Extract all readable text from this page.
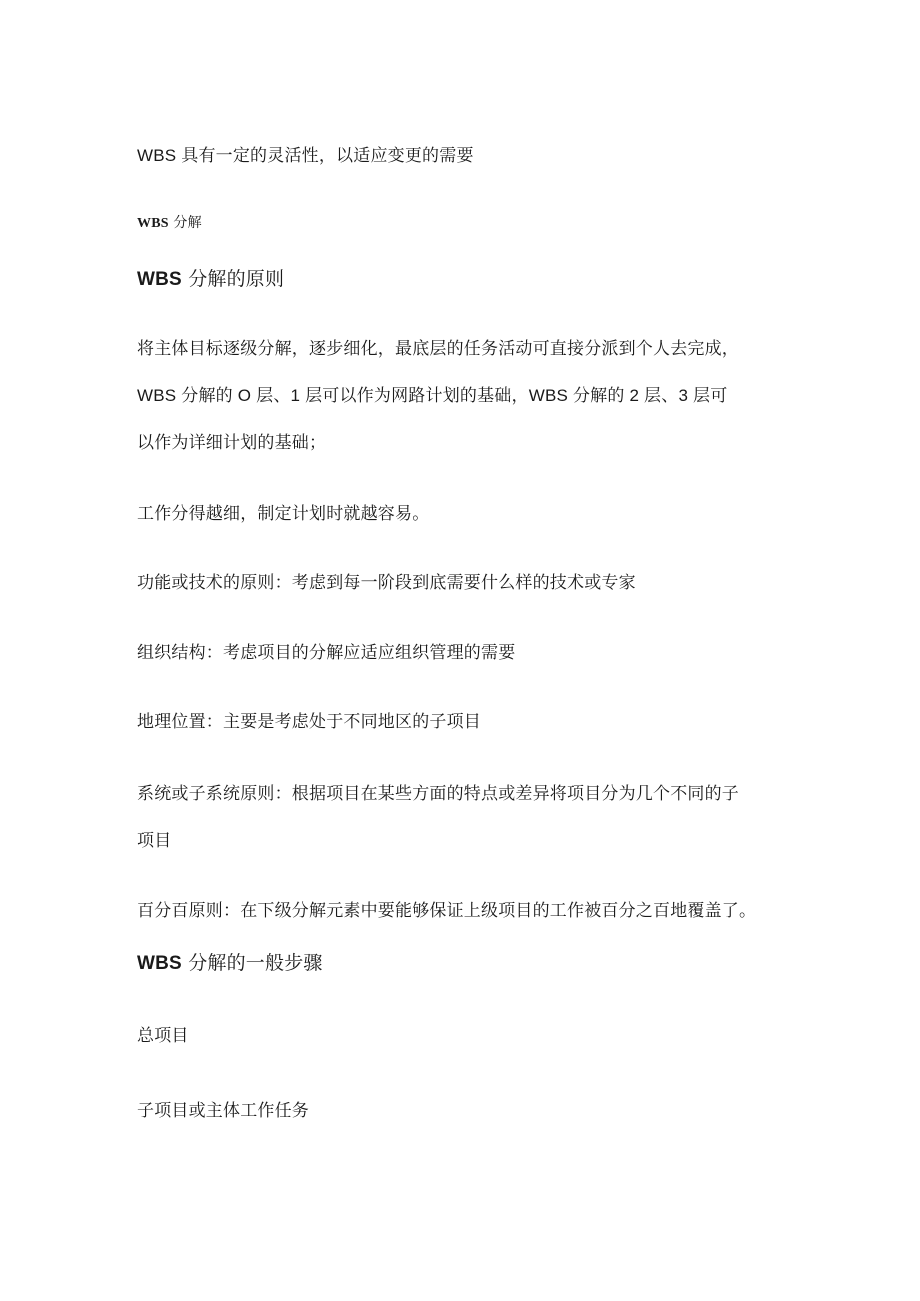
WBS 具有一定的灵活性，以适应变更的需要
WBS 分解
WBS 分解的原则
将主体目标逐级分解，逐步细化，最底层的任务活动可直接分派到个人去完成，
WBS 分解的 O 层、1 层可以作为网路计划的基础，WBS 分解的 2 层、3 层可
以作为详细计划的基础；
工作分得越细，制定计划时就越容易。
功能或技术的原则：考虑到每一阶段到底需要什么样的技术或专家
组织结构：考虑项目的分解应适应组织管理的需要
地理位置：主要是考虑处于不同地区的子项目
系统或子系统原则：根据项目在某些方面的特点或差异将项目分为几个不同的子
项目
百分百原则：在下级分解元素中要能够保证上级项目的工作被百分之百地覆盖了。
WBS 分解的一般步骤
总项目
子项目或主体工作任务
